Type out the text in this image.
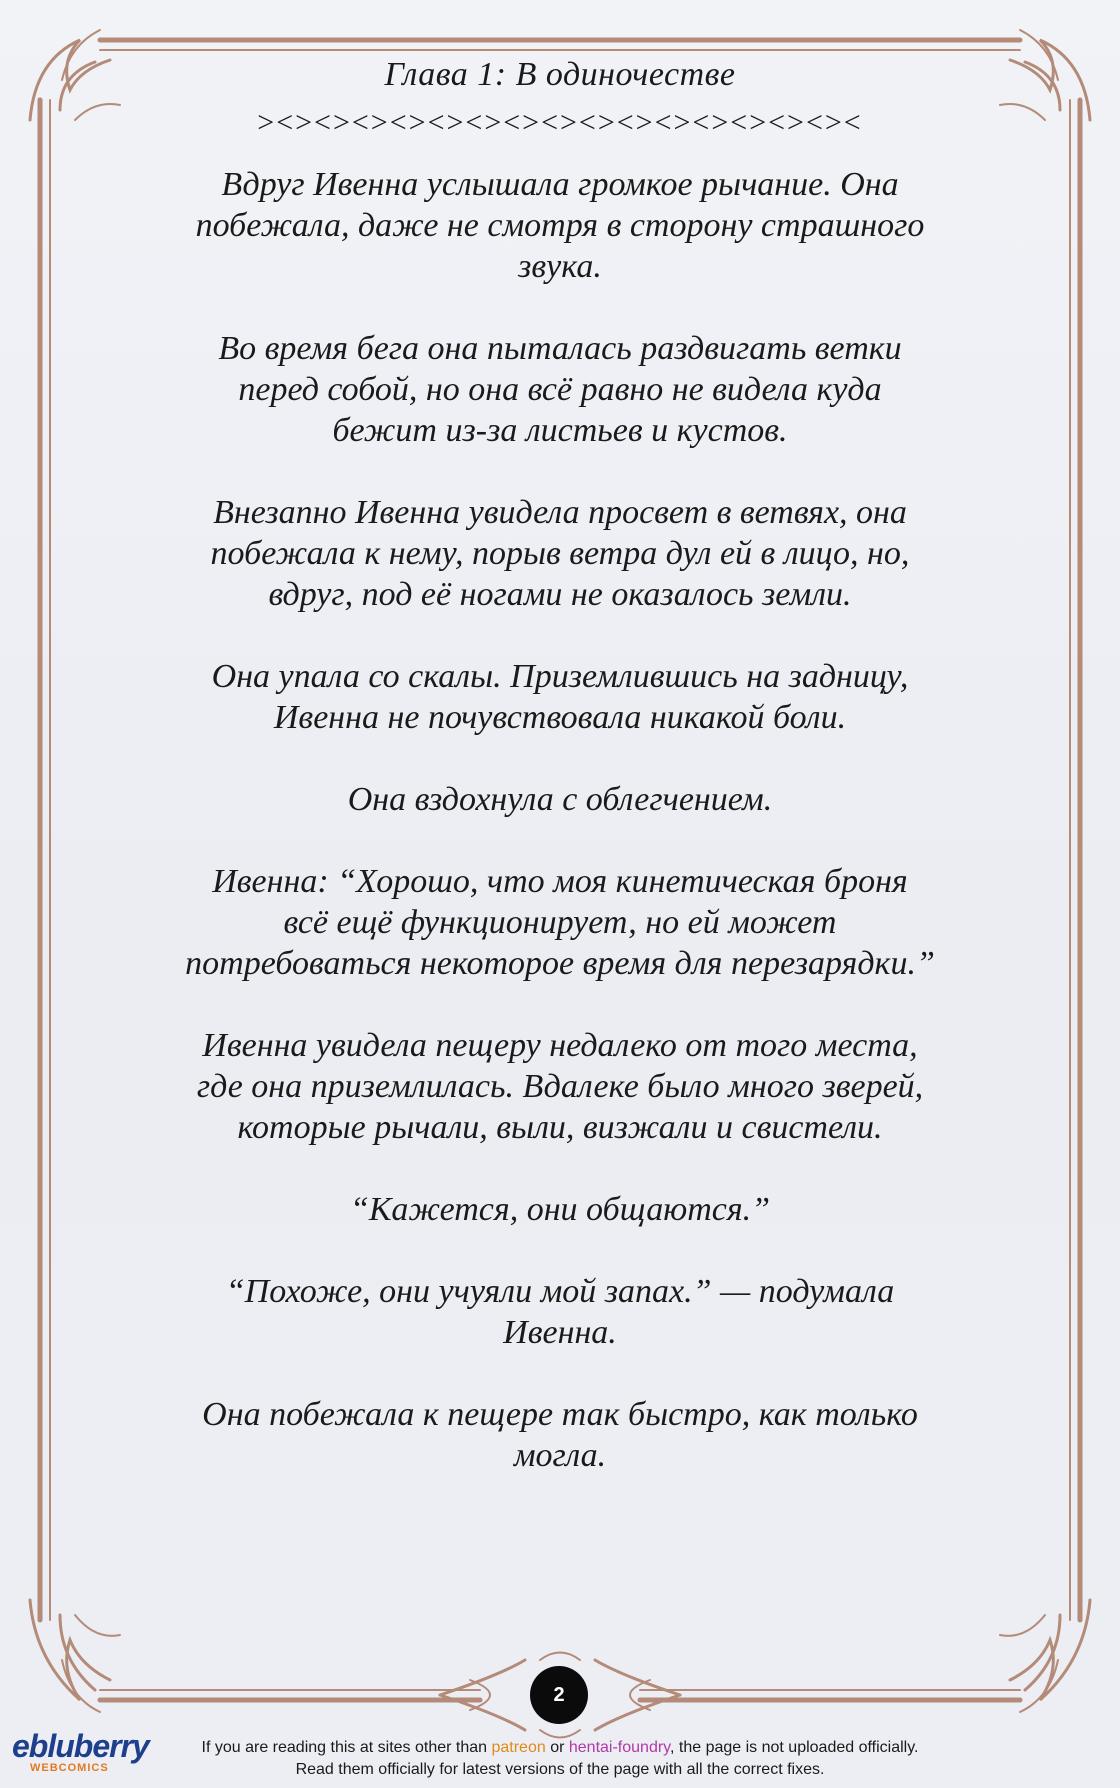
Глава 1: В одиночестве
><><><><><><><><><><><><><><><><

Вдруг Ивенна услышала громкое рычание. Она
побежала, даже не смотря в сторону страшного
звука.

Во время бега она пыталась раздвигать ветки
перед собой, но она всё равно не видела куда
бежит из-за листьев и кустов.

Внезапно Ивенна увидела просвет в ветвях, она
побежала к нему, порыв ветра дул ей в лицо, но,
вдруг, под её ногами не оказалось земли.

Она упала со скалы. Приземлившись на задницу,
Ивенна не почувствовала никакой боли.

Она вздохнула с облегчением.

Ивенна: “Хорошо, что моя кинетическая броня
всё ещё функционирует, но ей может
потребоваться некоторое время для перезарядки.”

Ивенна увидела пещеру недалеко от того места,
где она приземлилась. Вдалеке было много зверей,
которые рычали, выли, визжали и свистели.

“Кажется, они общаются.”

“Похоже, они учуяли мой запах.” — подумала
Ивенна.

Она побежала к пещере так быстро, как только
могла.

2
ebluberry
WEBCOMICS
If you are reading this at sites other than patreon or hentai-foundry, the page is not uploaded officially.
Read them officially for latest versions of the page with all the correct fixes.
